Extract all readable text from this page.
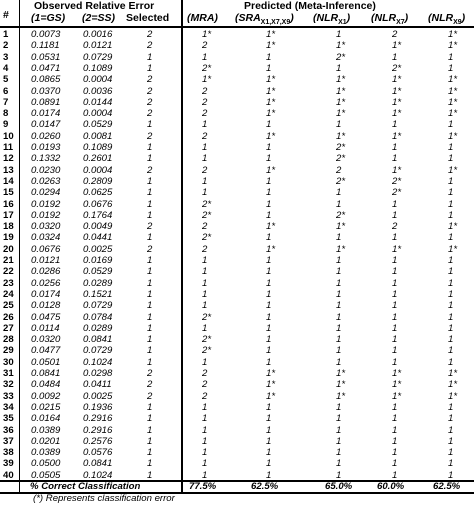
#
Observed Relative Error	Predicted (Meta-Inference)
(1=GS) (2=SS) Selected (MRA) $(SRA_{X1,X7,X9})$ $(NLR_{X1})$ $(NLR_{X7})$ $(NLR_{X9})$
1 0.0073 0.0016	2	1*	1*	1	2	1*
2 0.1181 0.0121	2	2	1*	1*	1*	1*
3 0.0531 0.0729	1	1	1	2*	1	1
4 0.0471 0.1089	1	2*	1	1	2*	1
5 0.0865 0.0004	2	1*	1*	1*	1*	1*
6 0.0370 0.0036	2	2	1*	1*	1*	1*
7 0.0891 0.0144	2	2	1*	1*	1*	1*
8 0.0174 0.0004	2	2	1*	1*	1*	1*
9 0.0147 0.0529	1	1	1	1	1	1
10 0.0260 0.0081	2	2	1*	1*	1*	1*
11 0.0193 0.1089	1	1	1	2*	1	1
12 0.1332 0.2601	1	1	1	2*	1	1
13 0.0230 0.0004	2	2	1*	2	1*	1*
14 0.0263 0.2809	1	1	1	2*	2*	1
15 0.0294 0.0625	1	1	1	1	2*	1
16 0.0192 0.0676	1	2*	1	1	1	1
17 0.0192 0.1764	1	2*	1	2*	1	1
18 0.0320 0.0049	2	2	1*	1*	2	1*
19 0.0324 0.0441	1	2*	1	1	1	1
20 0.0676 0.0025	2	2	1*	1*	1*	1*
21 0.0121 0.0169	1	1	1	1	1	1
22 0.0286 0.0529	1	1	1	1	1	1
23 0.0256 0.0289	1	1	1	1	1	1
24 0.0174 0.1521	1	1	1	1	1	1
25 0.0128 0.0729	1	1	1	1	1	1
26 0.0475 0.0784	1	2*	1	1	1	1
27 0.0114 0.0289	1	1	1	1	1	1
28 0.0320 0.0841	1	2*	1	1	1	1
29 0.0477 0.0729	1	2*	1	1	1	1
30 0.0501 0.1024	1	1	1	1	1	1
31 0.0841 0.0298	2	2	1*	1*	1*	1*
32 0.0484 0.0411	2	2	1*	1*	1*	1*
33 0.0092 0.0025	2	2	1*	1*	1*	1*
34 0.0215 0.1936	1	1	1	1	1	1
35 0.0164 0.2916	1	1	1	1	1	1
36 0.0389 0.2916	1	1	1	1	1	1
37 0.0201 0.2576	1	1	1	1	1	1
38 0.0389 0.0576	1	1	1	1	1	1
39 0.0500 0.0841	1	1	1	1	1	1
40 0.0505 0.1024	1	1	1	1	1	1
% Correct Classification	77.5%	62.5%	65.0%	60.0%	62.5%
(*) Represents classification error
